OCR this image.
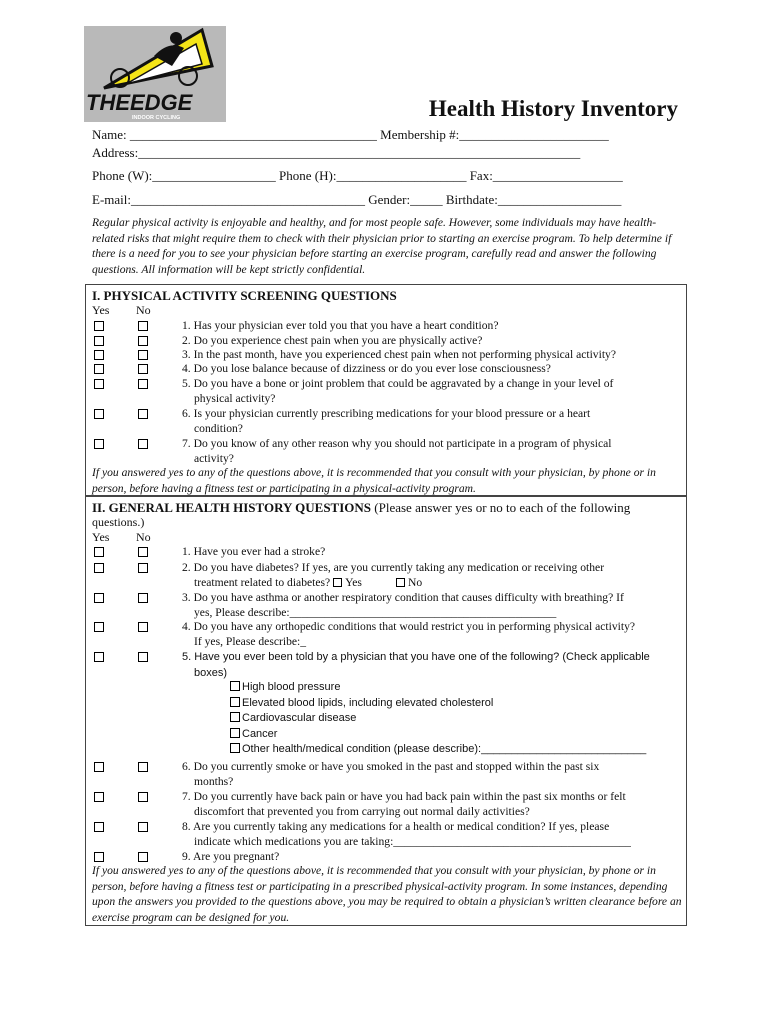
THEEDGE
INDOOR CYCLING	Health History Inventory
Name: ______________________________________ Membership #:_______________________
Address:____________________________________________________________________
Phone (W):___________________ Phone (H):____________________ Fax:____________________
E-mail:____________________________________ Gender:_____ Birthdate:___________________
Regular physical activity is enjoyable and healthy, and for most people safe. However, some individuals may have health-related risks that might require them to check with their physician prior to starting an exercise program. To help determine if there is a need for you to see your physician before starting an exercise program, carefully read and answer the following questions. All information will be kept strictly confidential.
I. PHYSICAL ACTIVITY SCREENING QUESTIONS
Yes No
1. Has your physician ever told you that you have a heart condition?
2. Do you experience chest pain when you are physically active?
3. In the past month, have you experienced chest pain when not performing physical activity?
4. Do you lose balance because of dizziness or do you ever lose consciousness?
5. Do you have a bone or joint problem that could be aggravated by a change in your level of
physical activity?
6. Is your physician currently prescribing medications for your blood pressure or a heart
condition?
7. Do you know of any other reason why you should not participate in a program of physical
activity?
If you answered yes to any of the questions above, it is recommended that you consult with your physician, by phone or in person, before having a fitness test or participating in a physical-activity program.
II. GENERAL HEALTH HISTORY QUESTIONS (Please answer yes or no to each of the following
questions.)
Yes No
1. Have you ever had a stroke?
2. Do you have diabetes? If yes, are you currently taking any medication or receiving other
treatment related to diabetes? Yes	No
3. Do you have asthma or another respiratory condition that causes difficulty with breathing? If
yes, Please describe:______________________________________________
4. Do you have any orthopedic conditions that would restrict you in performing physical activity?
If yes, Please describe:_
5. Have you ever been told by a physician that you have one of the following? (Check applicable
boxes)
High blood pressure
Elevated blood lipids, including elevated cholesterol
Cardiovascular disease
Cancer
Other health/medical condition (please describe):___________________________
6. Do you currently smoke or have you smoked in the past and stopped within the past six
months?
7. Do you currently have back pain or have you had back pain within the past six months or felt
discomfort that prevented you from carrying out normal daily activities?
8. Are you currently taking any medications for a health or medical condition? If yes, please
indicate which medications you are taking:_________________________________________
9. Are you pregnant?
If you answered yes to any of the questions above, it is recommended that you consult with your physician, by phone or in person, before having a fitness test or participating in a prescribed physical-activity program. In some instances, depending upon the answers you provided to the questions above, you may be required to obtain a physician’s written clearance before an exercise program can be designed for you.
